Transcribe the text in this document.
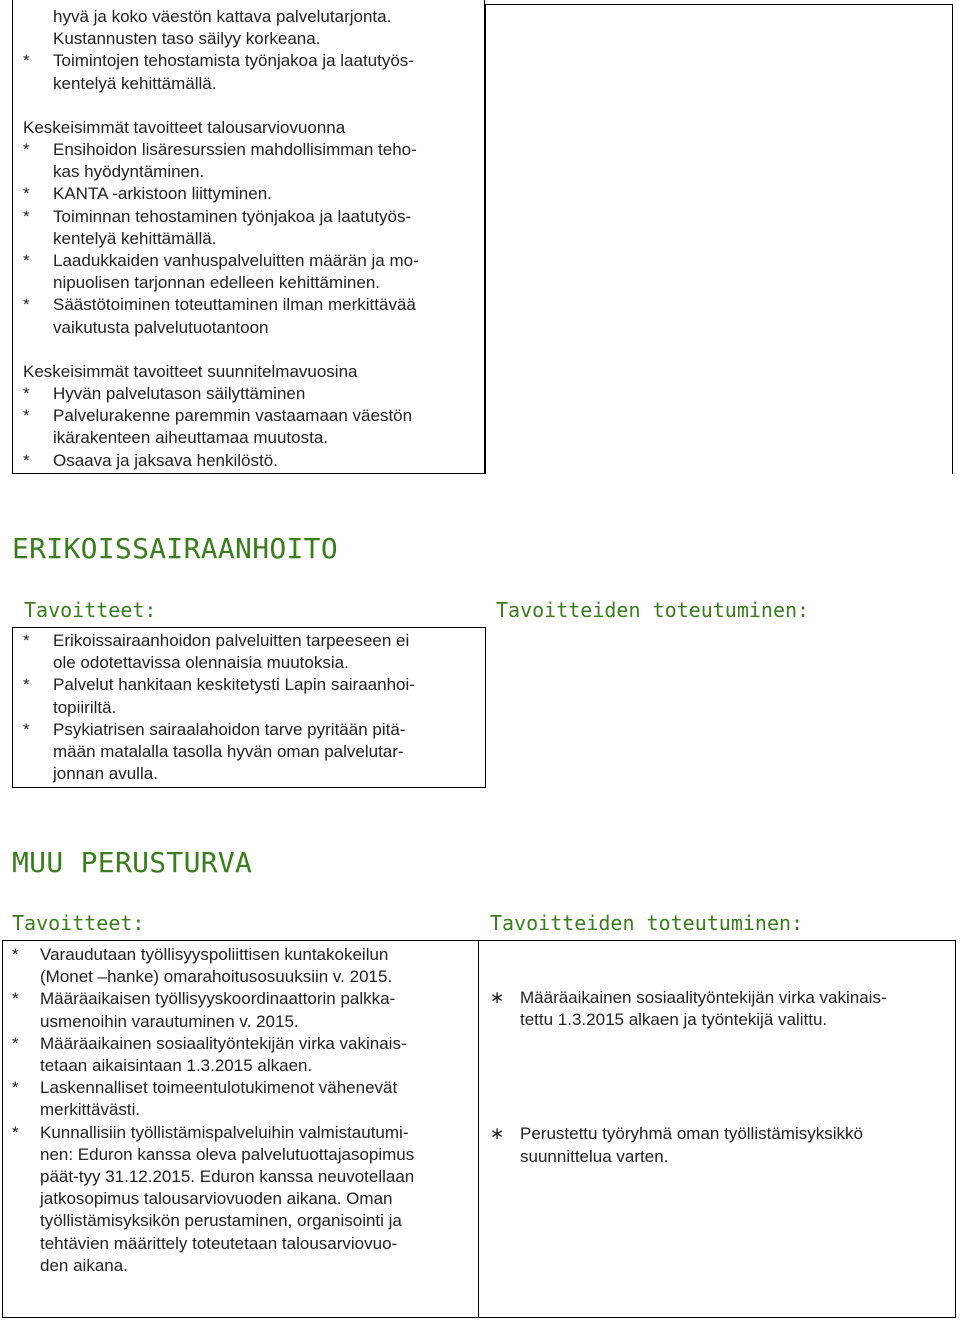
hyvä ja koko väestön kattava palvelutarjonta.
Kustannusten taso säilyy korkeana.
* Toimintojen tehostamista työnjakoa ja laatutyös-
kentelyä kehittämällä.
Keskeisimmät tavoitteet talousarviovuonna
* Ensihoidon lisäresurssien mahdollisimman teho-
kas hyödyntäminen.
* KANTA -arkistoon liittyminen.
* Toiminnan tehostaminen työnjakoa ja laatutyös-
kentelyä kehittämällä.
* Laadukkaiden vanhuspalveluitten määrän ja mo-
nipuolisen tarjonnan edelleen kehittäminen.
* Säästötoiminen toteuttaminen ilman merkittävää
vaikutusta palvelutuotantoon
Keskeisimmät tavoitteet suunnitelmavuosina
* Hyvän palvelutason säilyttäminen
* Palvelurakenne paremmin vastaamaan väestön
ikärakenteen aiheuttamaa muutosta.
* Osaava ja jaksava henkilöstö.
ERIKOISSAIRAANHOITO
Tavoitteet:	Tavoitteiden toteutuminen:
* Erikoissairaanhoidon palveluitten tarpeeseen ei
ole odotettavissa olennaisia muutoksia.
* Palvelut hankitaan keskitetysti Lapin sairaanhoi-
topiiriltä.
* Psykiatrisen sairaalahoidon tarve pyritään pitä-
mään matalalla tasolla hyvän oman palvelutar-
jonnan avulla.
MUU PERUSTURVA
Tavoitteet:	Tavoitteiden toteutuminen:
* Varaudutaan työllisyyspoliittisen kuntakokeilun
(Monet –hanke) omarahoitusosuuksiin v. 2015.
* Määräaikaisen työllisyyskoordinaattorin palkka-
usmenoihin varautuminen v. 2015.
* Määräaikainen sosiaalityöntekijän virka vakinais-
tetaan aikaisintaan 1.3.2015 alkaen.
* Laskennalliset toimeentulotukimenot vähenevät
merkittävästi.
* Kunnallisiin työllistämispalveluihin valmistautumi-
nen: Eduron kanssa oleva palvelutuottajasopimus
päät-tyy 31.12.2015. Eduron kanssa neuvotellaan
jatkosopimus talousarviovuoden aikana. Oman
työllistämisyksikön perustaminen, organisointi ja
tehtävien määrittely toteutetaan talousarviovuo-
den aikana.
∗ Määräaikainen sosiaalityöntekijän virka vakinais-
tettu 1.3.2015 alkaen ja työntekijä valittu.
∗ Perustettu työryhmä oman työllistämisyksikkö
suunnittelua varten.
